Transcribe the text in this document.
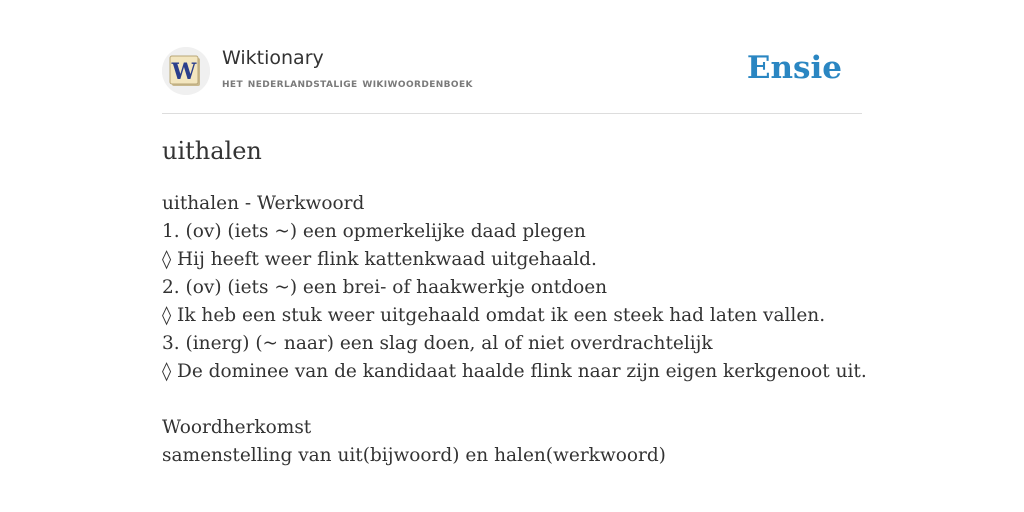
W
Wiktionary
het nederlandstalige wikiwoordenboek	Ensie
uithalen
uithalen - Werkwoord
1. (ov) (iets ~) een opmerkelijke daad plegen
◊ Hij heeft weer flink kattenkwaad uitgehaald.
2. (ov) (iets ~) een brei- of haakwerkje ontdoen
◊ Ik heb een stuk weer uitgehaald omdat ik een steek had laten vallen.
3. (inerg) (~ naar) een slag doen, al of niet overdrachtelijk
◊ De dominee van de kandidaat haalde flink naar zijn eigen kerkgenoot uit.
Woordherkomst
samenstelling van uit(bijwoord) en halen(werkwoord)
